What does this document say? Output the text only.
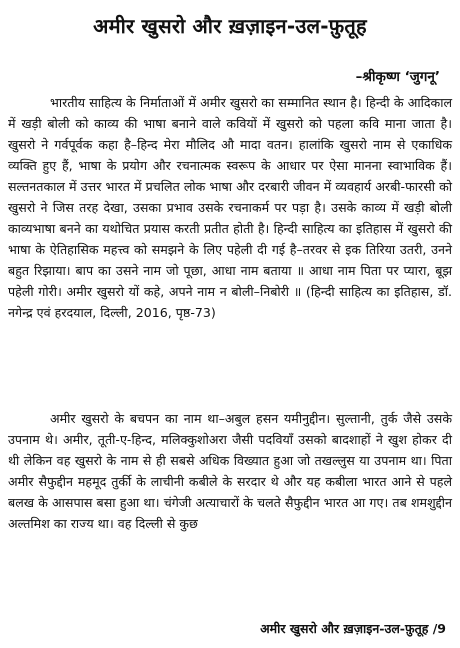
अमीर खुसरो और ख़ज़ाइन-उल-फ़ुतूह
–श्रीकृष्ण ‘जुगनू’

भारतीय साहित्य के निर्माताओं में अमीर खुसरो का सम्मानित स्थान है। हिन्दी के आदिकाल में खड़ी बोली को काव्य की भाषा बनाने वाले कवियों में खुसरो को पहला कवि माना जाता है। खुसरो ने गर्वपूर्वक कहा है–हिन्द मेरा मौलिद औ मादा वतन। हालांकि खुसरो नाम से एकाधिक व्यक्ति हुए हैं, भाषा के प्रयोग और रचनात्मक स्वरूप के आधार पर ऐसा मानना स्वाभाविक हैं। सल्तनतकाल में उत्तर भारत में प्रचलित लोक भाषा और दरबारी जीवन में व्यवहार्य अरबी-फारसी को खुसरो ने जिस तरह देखा, उसका प्रभाव उसके रचनाकर्म पर पड़ा है। उसके काव्य में खड़ी बोली काव्यभाषा बनने का यथोचित प्रयास करती प्रतीत होती है। हिन्दी साहित्य का इतिहास में खुसरो की भाषा के ऐतिहासिक महत्त्व को समझने के लिए पहेली दी गई है–तरवर से इक तिरिया उतरी, उनने बहुत रिझाया। बाप का उसने नाम जो पूछा, आधा नाम बताया ॥ आधा नाम पिता पर प्यारा, बूझ पहेली गोरी। अमीर खुसरो यों कहे, अपने नाम न बोली–निबोरी ॥ (हिन्दी साहित्य का इतिहास, डॉ. नगेन्द्र एवं हरदयाल, दिल्ली, 2016, पृष्ठ-73)

अमीर खुसरो के बचपन का नाम था–अबुल हसन यमीनुद्दीन। सुल्तानी, तुर्क जैसे उसके उपनाम थे। अमीर, तूती-ए-हिन्द, मलिक्कुशोअरा जैसी पदवियाँ उसको बादशाहों ने खुश होकर दी थी लेकिन वह खुसरो के नाम से ही सबसे अधिक विख्यात हुआ जो तखल्लुस या उपनाम था। पिता अमीर सैफुद्दीन महमूद तुर्की के लाचीनी कबीले के सरदार थे और यह कबीला भारत आने से पहले बलख के आसपास बसा हुआ था। चंगेजी अत्याचारों के चलते सैफुद्दीन भारत आ गए। तब शमशुद्दीन अल्तमिश का राज्य था। वह दिल्ली से कुछ

अमीर खुसरो और ख़ज़ाइन-उल-फ़ुतूह /9
